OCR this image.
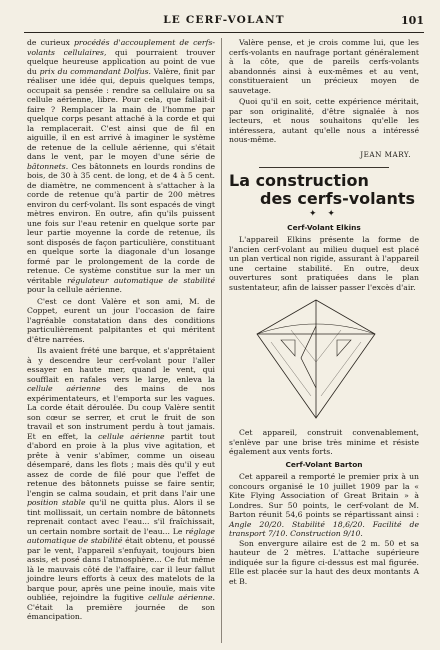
LE CERF-VOLANT	101

de curieux procédés d'accouplement de cerfs-volants cellulaires, qui pourraient trouver quelque heureuse application au point de vue du prix du commandant Dolfus. Valère, finit par réaliser une idée qui, depuis quelques temps, occupait sa pensée : rendre sa cellulaire ou sa cellule aérienne, libre. Pour cela, que fallait-il faire ? Remplacer la main de l'homme par quelque corps pesant attaché à la corde et qui la remplacerait. C'est ainsi que de fil en aiguille, il en est arrivé à imaginer le système de retenue de la cellule aérienne, qui s'était dans le vent, par le moyen d'une série de bâtonnets. Ces bâtonnets en lourds rondins de bois, de 30 à 35 cent. de long, et de 4 à 5 cent. de diamètre, ne commencent à s'attacher à la corde de retenue qu'à partir de 200 mètres environ du cerf-volant. Ils sont espacés de vingt mètres environ. En outre, afin qu'ils puissent une fois sur l'eau retenir en quelque sorte par leur partie moyenne la corde de retenue, ils sont disposés de façon particulière, constituant en quelque sorte la diagonale d'un losange formé par le prolongement de la corde de retenue. Ce système constitue sur la mer un véritable régulateur automatique de stabilité pour la cellule aérienne.

C'est ce dont Valère et son ami, M. de Coppet, eurent un jour l'occasion de faire l'agréable constatation dans des conditions particulièrement palpitantes et qui méritent d'être narrées.

Ils avaient frété une barque, et s'apprêtaient à y descendre leur cerf-volant pour l'aller essayer en haute mer, quand le vent, qui soufflait en rafales vers le large, enleva la cellule aérienne des mains de nos expérimentateurs, et l'emporta sur les vagues. La corde était déroulée. Du coup Valère sentit son cœur se serrer, et crut le fruit de son travail et son instrument perdu à tout jamais. Et en effet, la cellule aérienne partit tout d'abord en proie à la plus vive agitation, et prête à venir s'abîmer, comme un oiseau désemparé, dans les flots ; mais dès qu'il y eut assez de corde de filé pour que l'effet de retenue des bâtonnets puisse se faire sentir, l'engin se calma soudain, et prit dans l'air une position stable qu'il ne quitta plus. Alors il se tint mollissait, un certain nombre de bâtonnets reprenait contact avec l'eau... s'il fraîchissait, un certain nombre sortait de l'eau... Le réglage automatique de stabilité était obtenu, et poussé par le vent, l'appareil s'enfuyait, toujours bien assis, et posé dans l'atmosphère... Ce fut même là le mauvais côté de l'affaire, car il leur fallut joindre leurs efforts à ceux des matelots de la barque pour, après une peine inouïe, mais vite oubliée, rejoindre la fugitive cellule aérienne. C'était la première journée de son émancipation.

Valère pense, et je crois comme lui, que les cerfs-volants en naufrage portant généralement à la côte, que de pareils cerfs-volants abandonnés ainsi à eux-mêmes et au vent, constitueraient un précieux moyen de sauvetage.

Quoi qu'il en soit, cette expérience méritait, par son originalité, d'être signalée à nos lecteurs, et nous souhaitons qu'elle les intéressera, autant qu'elle nous a intéressé nous-même.

JEAN MARY.
La construction
des cerfs-volants
✦ ✦
Cerf-Volant Elkins

L'appareil Elkins présente la forme de l'ancien cerf-volant au milieu duquel est placé un plan vertical non rigide, assurant à l'appareil une certaine stabilité. En outre, deux ouvertures sont pratiquées dans le plan sustentateur, afin de laisser passer l'excès d'air.

Cet appareil, construit convenablement, s'enlève par une brise très minime et résiste également aux vents forts.

Cerf-Volant Barton

Cet appareil a remporté le premier prix à un concours organisé le 10 juillet 1909 par la « Kite Flying Association of Great Britain » à Londres. Sur 50 points, le cerf-volant de M. Barton réunit 54,6 points se répartissant ainsi : Angle 20/20. Stabilité 18,6/20. Facilité de transport 7/10. Construction 9/10.

Son envergure ailaire est de 2 m. 50 et sa hauteur de 2 mètres. L'attache supérieure indiquée sur la figure ci-dessus est mal figurée. Elle est placée sur la haut des deux montants A et B.
